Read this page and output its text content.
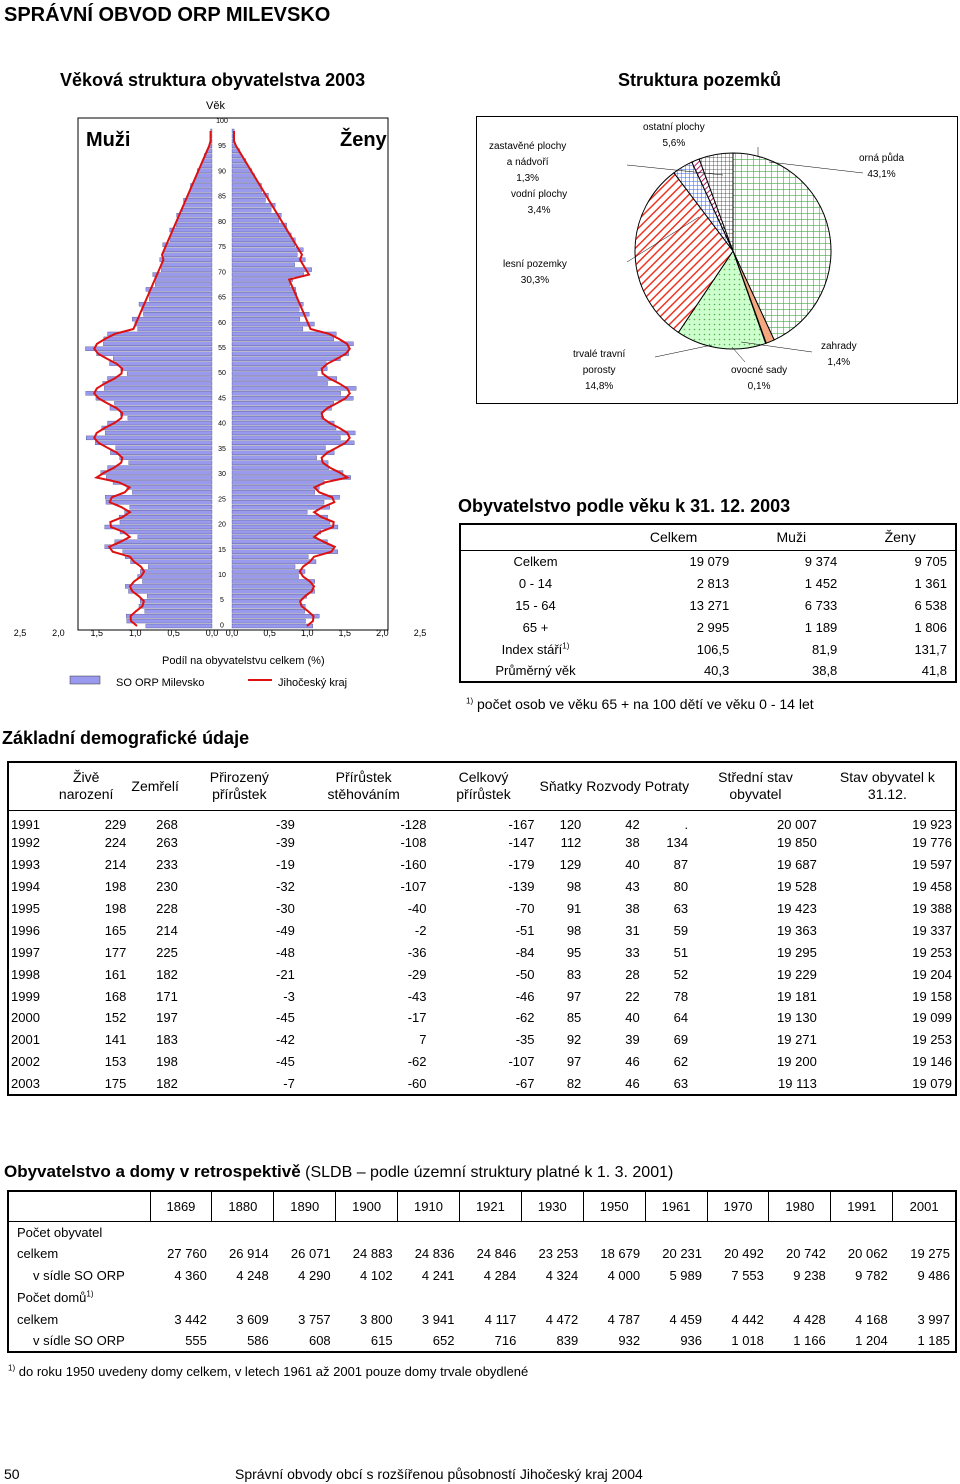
SPRÁVNÍ OBVOD ORP MILEVSKO
Věková struktura obyvatelstva 2003	Struktura pozemků
Věk
Muži	Ženy
100
95
90
85
80
75
70
65
60
55
50
45
40
35
30
25
20
15
10
5
0
2,5	2,0	1,5	1,0	0,5	0,0 0,0	0,5	1,0	1,5	2,0	2,5
Podíl na obyvatelstvu celkem (%)
SO ORP Milevsko	Jihočeský kraj
orná půda
43,1%
zastavěné plochy
a nádvoří
1,3%
vodní plochy
3,4%
ostatní plochy
5,6%
lesní pozemky
30,3%
trvalé travní
porosty
14,8%
ovocné sady
0,1%
zahrady
1,4%
Obyvatelstvo podle věku k 31. 12. 2003
	Celkem	Muži	Ženy
Celkem	19 079	9 374	9 705
0 - 14	2 813	1 452	1 361
15 - 64	13 271	6 733	6 538
65 +	2 995	1 189	1 806
Index stáří$^{1)}$	106,5	81,9	131,7
Průměrný věk	40,3	38,8	41,8
$^{1)}$ počet osob ve věku 65 + na 100 dětí ve věku 0 - 14 let
Základní demografické údaje
	Živě narození	Zemřelí	Přirozený přírůstek	Přírůstek stěhováním	Celkový přírůstek	Sňatky	Rozvody	Potraty	Střední stav obyvatel	Stav obyvatel k 31.12.
1991	229	268	-39	-128	-167	120	42	.	20 007	19 923
1992	224	263	-39	-108	-147	112	38	134	19 850	19 776
1993	214	233	-19	-160	-179	129	40	87	19 687	19 597
1994	198	230	-32	-107	-139	98	43	80	19 528	19 458
1995	198	228	-30	-40	-70	91	38	63	19 423	19 388
1996	165	214	-49	-2	-51	98	31	59	19 363	19 337
1997	177	225	-48	-36	-84	95	33	51	19 295	19 253
1998	161	182	-21	-29	-50	83	28	52	19 229	19 204
1999	168	171	-3	-43	-46	97	22	78	19 181	19 158
2000	152	197	-45	-17	-62	85	40	64	19 130	19 099
2001	141	183	-42	7	-35	92	39	69	19 271	19 253
2002	153	198	-45	-62	-107	97	46	62	19 200	19 146
2003	175	182	-7	-60	-67	82	46	63	19 113	19 079
Obyvatelstvo a domy v retrospektivě (SLDB – podle územní struktury platné k 1. 3. 2001)
	1869	1880	1890	1900	1910	1921	1930	1950	1961	1970	1980	1991	2001
Počet obyvatel													
celkem	27 760	26 914	26 071	24 883	24 836	24 846	23 253	18 679	20 231	20 492	20 742	20 062	19 275
v sídle SO ORP	4 360	4 248	4 290	4 102	4 241	4 284	4 324	4 000	5 989	7 553	9 238	9 782	9 486
Počet domů$^{1)}$
celkem	3 442	3 609	3 757	3 800	3 941	4 117	4 472	4 787	4 459	4 442	4 428	4 168	3 997
v sídle SO ORP	555	586	608	615	652	716	839	932	936	1 018	1 166	1 204	1 185
$^{1)}$ do roku 1950 uvedeny domy celkem, v letech 1961 až 2001 pouze domy trvale obydlené
50	Správní obvody obcí s rozšířenou působností Jihočeský kraj 2004
